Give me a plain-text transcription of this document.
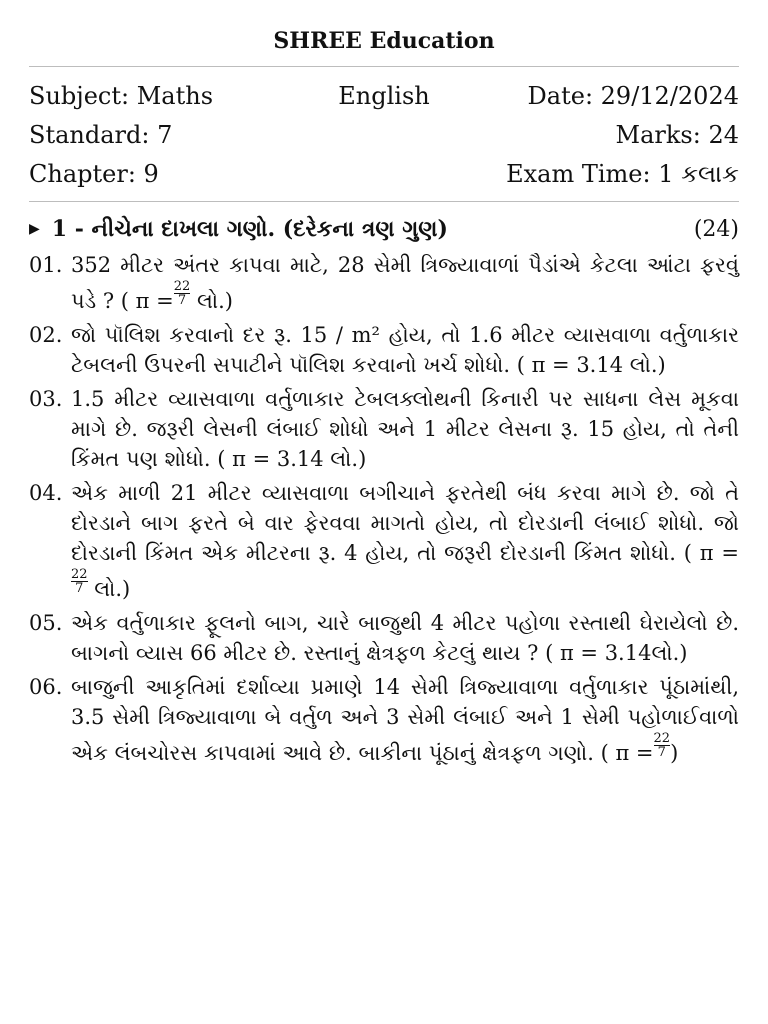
SHREE Education
Subject: Maths	English	Date: 29/12/2024
Standard: 7	Marks: 24
Chapter: 9	Exam Time: 1 કલાક
▶ 1 - નીચેના દાખલા ગણો. (દરેકના ત્રણ ગુણ)	(24)
01. 352 મીટર અંતર કાપવા માટે, 28 સેમી ત્રિજ્યાવાળાં પૈડાંએ કેટલા આંટા ફરવું પડે ? ( $\pi = \frac{22}{7}$ લો.)
02. જો પૉલિશ કરવાનો દર રૂ. 15 / m² હોય, તો 1.6 મીટર વ્યાસવાળા વર્તુળાકાર ટેબલની ઉપરની સપાટીને પૉલિશ કરવાનો ખર્ચ શોધો. ( π = 3.14 લો.)
03. 1.5 મીટર વ્યાસવાળા વર્તુળાકાર ટેબલક્લોથની કિનારી પર સાધના લેસ મૂકવા માગે છે. જરૂરી લેસની લંબાઈ શોધો અને 1 મીટર લેસના રૂ. 15 હોય, તો તેની કિંમત પણ શોધો. ( π = 3.14 લો.)
04. એક માળી 21 મીટર વ્યાસવાળા બગીચાને ફરતેથી બંધ કરવા માગે છે. જો તે દોરડાને બાગ ફરતે બે વાર ફેરવવા માગતો હોય, તો દોરડાની લંબાઈ શોધો. જો દોરડાની કિંમત એક મીટરના રૂ. 4 હોય, તો જરૂરી દોરડાની કિંમત શોધો. ( π =
$\frac{22}{7}$ લો.)
05. એક વર્તુળાકાર ફૂલનો બાગ, ચારે બાજુથી 4 મીટર પહોળા રસ્તાથી ઘેરાયેલો છે. બાગનો વ્યાસ 66 મીટર છે. રસ્તાનું ક્ષેત્રફળ કેટલું થાય ? ( π = 3.14લો.)
06. બાજુની આકૃતિમાં દર્શાવ્યા પ્રમાણે 14 સેમી ત્રિજ્યાવાળા વર્તુળાકાર પૂંઠામાંથી, 3.5 સેમી ત્રિજ્યાવાળા બે વર્તુળ અને 3 સેમી લંબાઈ અને 1 સેમી પહોળાઈવાળો એક લંબચોરસ કાપવામાં આવે છે. બાકીના પૂંઠાનું ક્ષેત્રફળ ગણો. ( $\pi = \frac{22}{7}$ )
